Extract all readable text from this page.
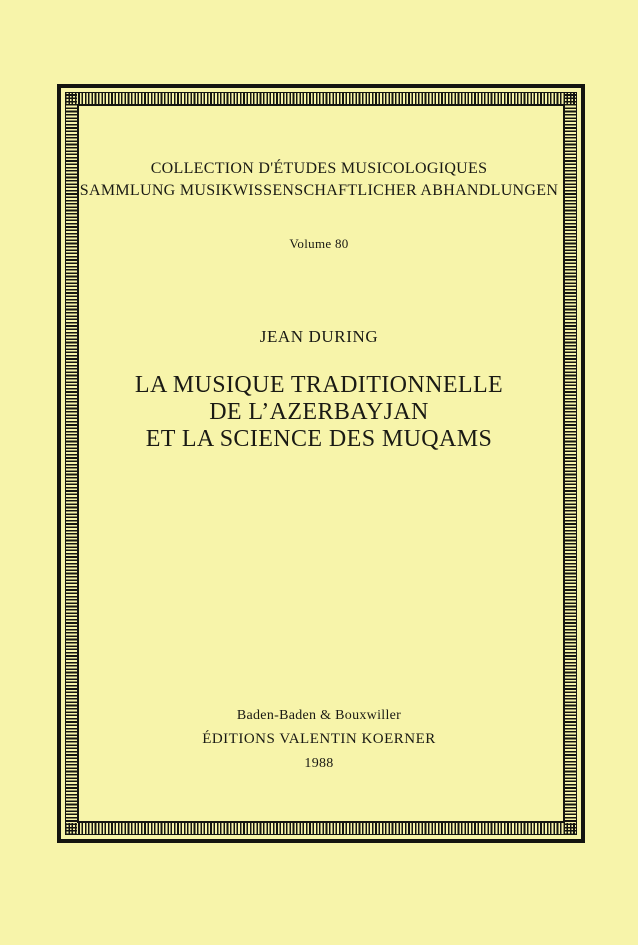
COLLECTION D'ÉTUDES MUSICOLOGIQUES
SAMMLUNG MUSIKWISSENSCHAFTLICHER ABHANDLUNGEN
Volume 80
JEAN DURING
LA MUSIQUE TRADITIONNELLE
DE L’AZERBAYJAN
ET LA SCIENCE DES MUQAMS
Baden-Baden & Bouxwiller
ÉDITIONS VALENTIN KOERNER
1988
